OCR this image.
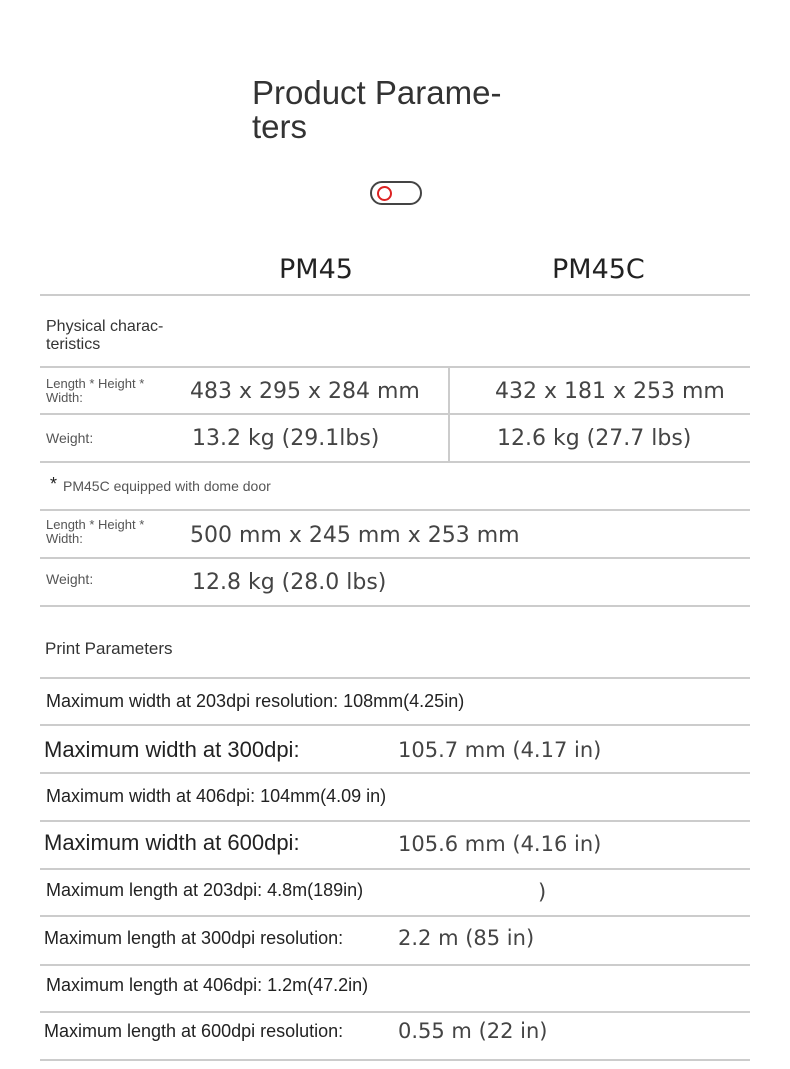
Product Parame-ters
PM45	PM45C
Physical charac-teristics
Length * Height * Width:	483 x 295 x 284 mm	432 x 181 x 253 mm
Weight:	13.2 kg (29.1lbs)	12.6 kg (27.7 lbs)
* PM45C equipped with dome door
Length * Height * Width:	500 mm x 245 mm x 253 mm
Weight:	12.8 kg (28.0 lbs)
Print Parameters
Maximum width at 203dpi resolution: 108mm(4.25in)
Maximum width at 300dpi:	105.7 mm (4.17 in)
Maximum width at 406dpi: 104mm(4.09 in)
Maximum width at 600dpi:	105.6 mm (4.16 in)
Maximum length at 203dpi: 4.8m(189in)	)
Maximum length at 300dpi resolution:	2.2 m (85 in)
Maximum length at 406dpi: 1.2m(47.2in)
Maximum length at 600dpi resolution:	0.55 m (22 in)
